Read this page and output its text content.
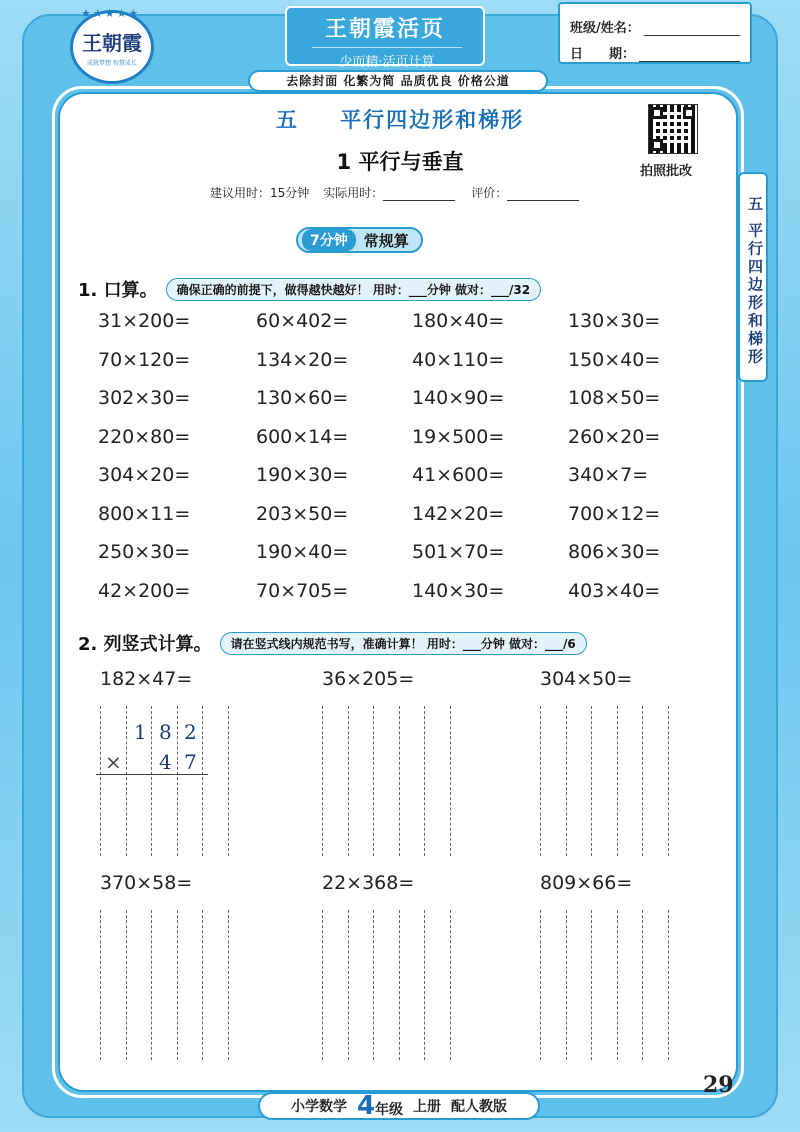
★★★★★
王朝霞
成就梦想 智慧成长
王朝霞活页
少而精·活页计算
去除封面 化繁为简 品质优良 价格公道
班级/姓名：
日　　期：
五 平行四边形和梯形
五 平行四边形和梯形
1 平行与垂直
建议用时：15分钟 实际用时：	评价：
拍照批改
7分钟	常规算
1. 口算。	确保正确的前提下，做得越快越好！ 用时：___分钟 做对：___/32
31×200=	60×402=	180×40=	130×30=
70×120=	134×20=	40×110=	150×40=
302×30=	130×60=	140×90=	108×50=
220×80=	600×14=	19×500=	260×20=
304×20=	190×30=	41×600=	340×7=
800×11=	203×50=	142×20=	700×12=
250×30=	190×40=	501×70=	806×30=
42×200=	70×705=	140×30=	403×40=
2. 列竖式计算。	请在竖式线内规范书写，准确计算！ 用时：___分钟 做对：___/6
182×47=	36×205=	304×50=
370×58=	22×368=	809×66=
1 8 2
× 4 7
小学数学 4年级 上册 配人教版
29
